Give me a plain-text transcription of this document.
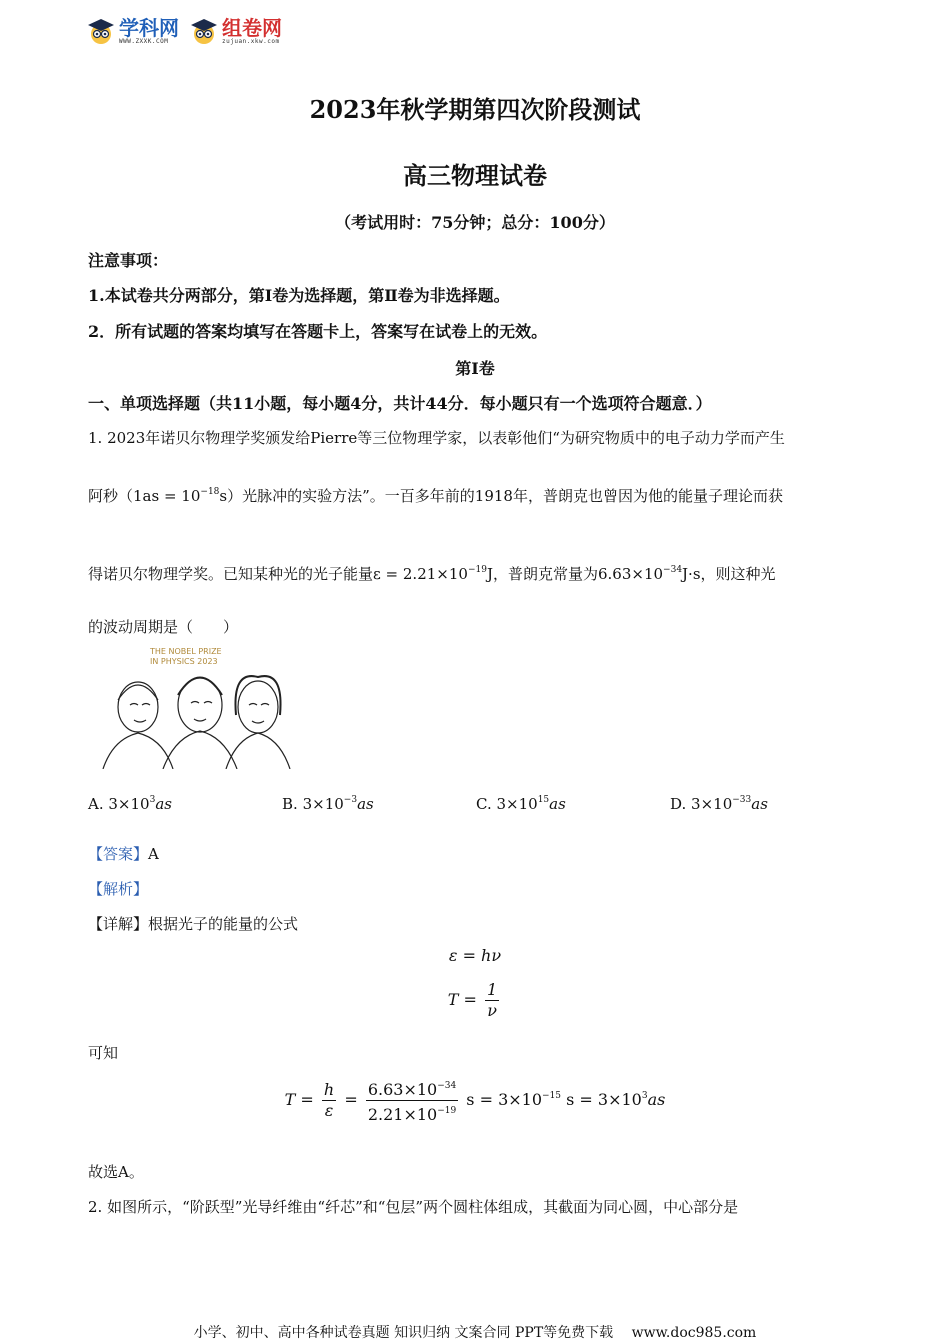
学科网
WWW.ZXXK.COM
组卷网
zujuan.xkw.com
2023年秋学期第四次阶段测试
高三物理试卷
（考试用时：75分钟；总分：100分）
注意事项：
1.本试卷共分两部分，第Ⅰ卷为选择题，第Ⅱ卷为非选择题。
2．所有试题的答案均填写在答题卡上，答案写在试卷上的无效。
第Ⅰ卷
一、单项选择题（共11小题，每小题4分，共计44分．每小题只有一个选项符合题意．）
1. 2023年诺贝尔物理学奖颁发给Pierre等三位物理学家，以表彰他们“为研究物质中的电子动力学而产生
阿秒$(1as = 10^{-18}s)$光脉冲的实验方法”。一百多年前的1918年，普朗克也曾因为他的能量子理论而获
得诺贝尔物理学奖。已知某种光的光子能量$\varepsilon = 2.21\times 10^{-19}J$，普朗克常量为$6.63\times 10^{-34}J\cdot s$，则这种光
的波动周期是（　　）
THE NOBEL PRIZE
IN PHYSICS 2023
A. $3\times 10^3as$	B. $3\times 10^{-3}as$	C. $3\times 10^{15}as$	D. $3\times 10^{-33}as$
【答案】A
【解析】
【详解】根据光子的能量的公式
ε = hν
$T = \frac{1}{\nu}$
可知
$T = \frac{h}{\varepsilon} = \frac{6.63\times 10^{-34}}{2.21\times 10^{-19}}$ $s = 3\times 10^{-15}$ $s = 3\times 10^3as$
故选A。
2. 如图所示，“阶跃型”光导纤维由“纤芯”和“包层”两个圆柱体组成，其截面为同心圆，中心部分是
小学、初中、高中各种试卷真题 知识归纳 文案合同 PPT等免费下载　 www.doc985.com
